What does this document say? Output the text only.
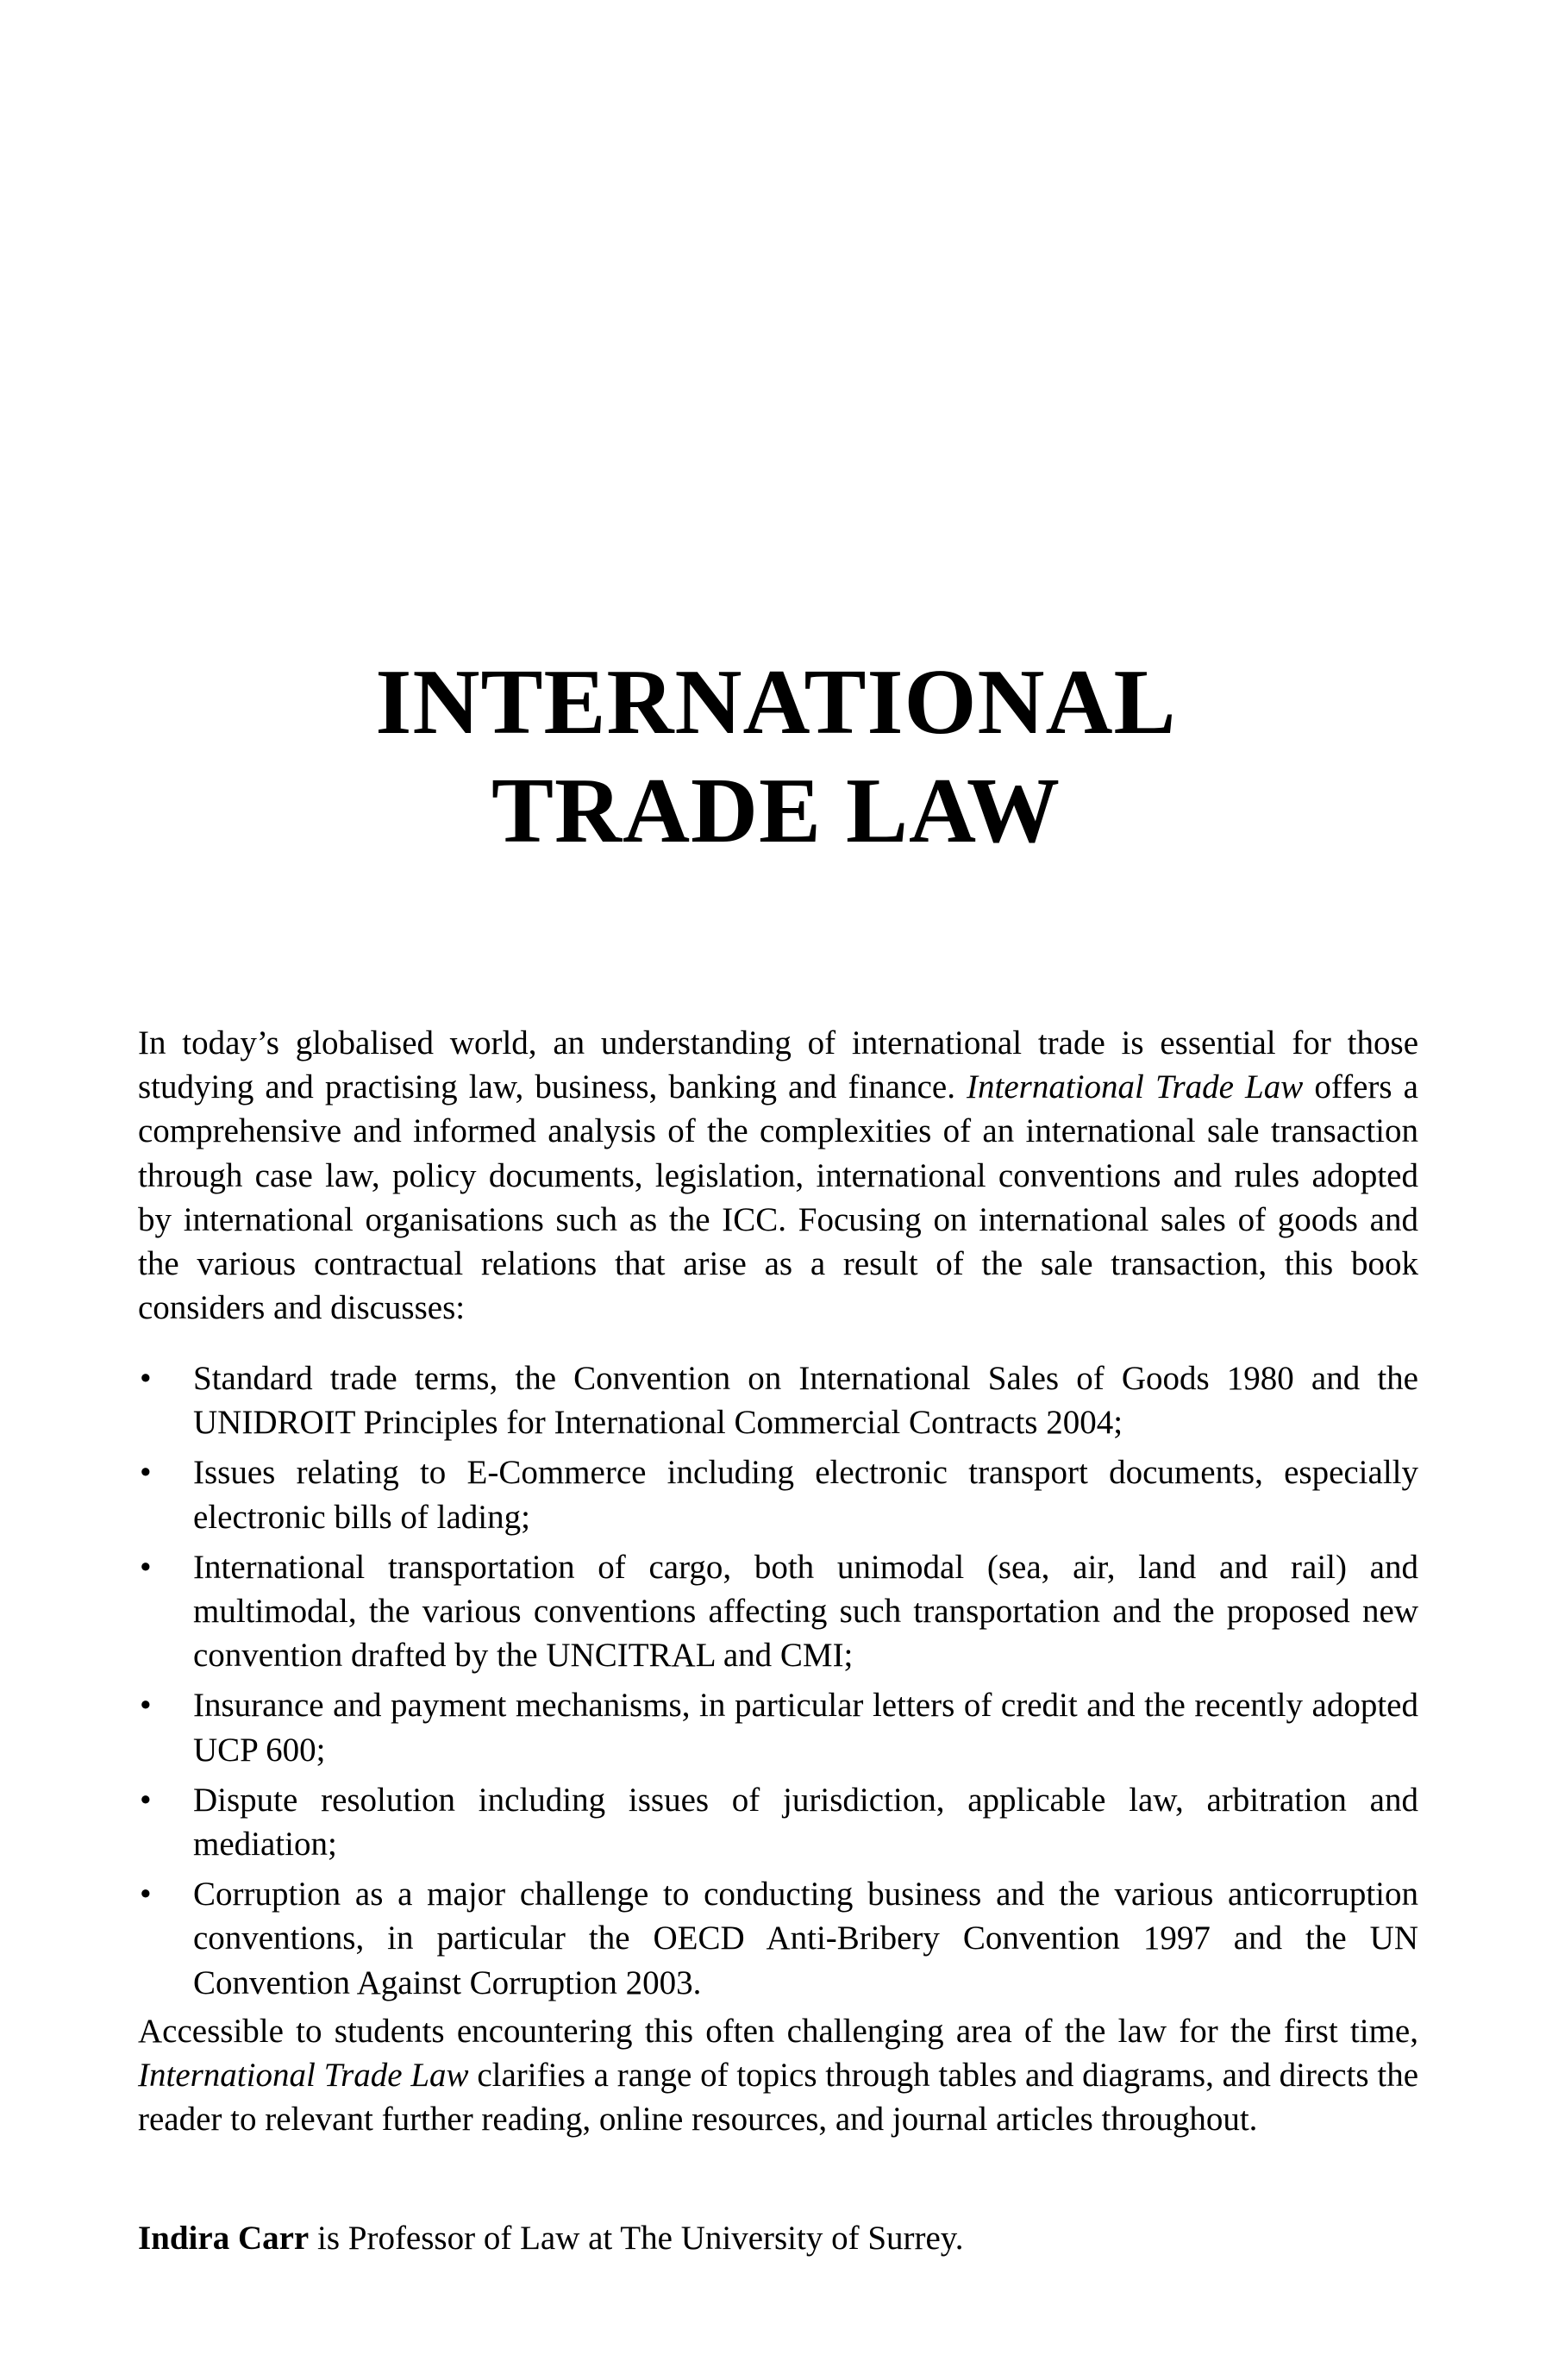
INTERNATIONAL
TRADE LAW

In today’s globalised world, an understanding of international trade is essential for those studying and practising law, business, banking and finance. International Trade Law offers a comprehensive and informed analysis of the complexities of an international sale transaction through case law, policy documents, legislation, international conventions and rules adopted by international organisations such as the ICC. Focusing on international sales of goods and the various contractual relations that arise as a result of the sale transaction, this book considers and discusses:

• Standard trade terms, the Convention on International Sales of Goods 1980 and the UNIDROIT Principles for International Commercial Contracts 2004;
• Issues relating to E-Commerce including electronic transport documents, especially electronic bills of lading;
• International transportation of cargo, both unimodal (sea, air, land and rail) and multimodal, the various conventions affecting such transportation and the proposed new convention drafted by the UNCITRAL and CMI;
• Insurance and payment mechanisms, in particular letters of credit and the recently adopted UCP 600;
• Dispute resolution including issues of jurisdiction, applicable law, arbitration and mediation;
• Corruption as a major challenge to conducting business and the various anticorruption conventions, in particular the OECD Anti-Bribery Convention 1997 and the UN Convention Against Corruption 2003.

Accessible to students encountering this often challenging area of the law for the first time, International Trade Law clarifies a range of topics through tables and diagrams, and directs the reader to relevant further reading, online resources, and journal articles throughout.

Indira Carr is Professor of Law at The University of Surrey.
